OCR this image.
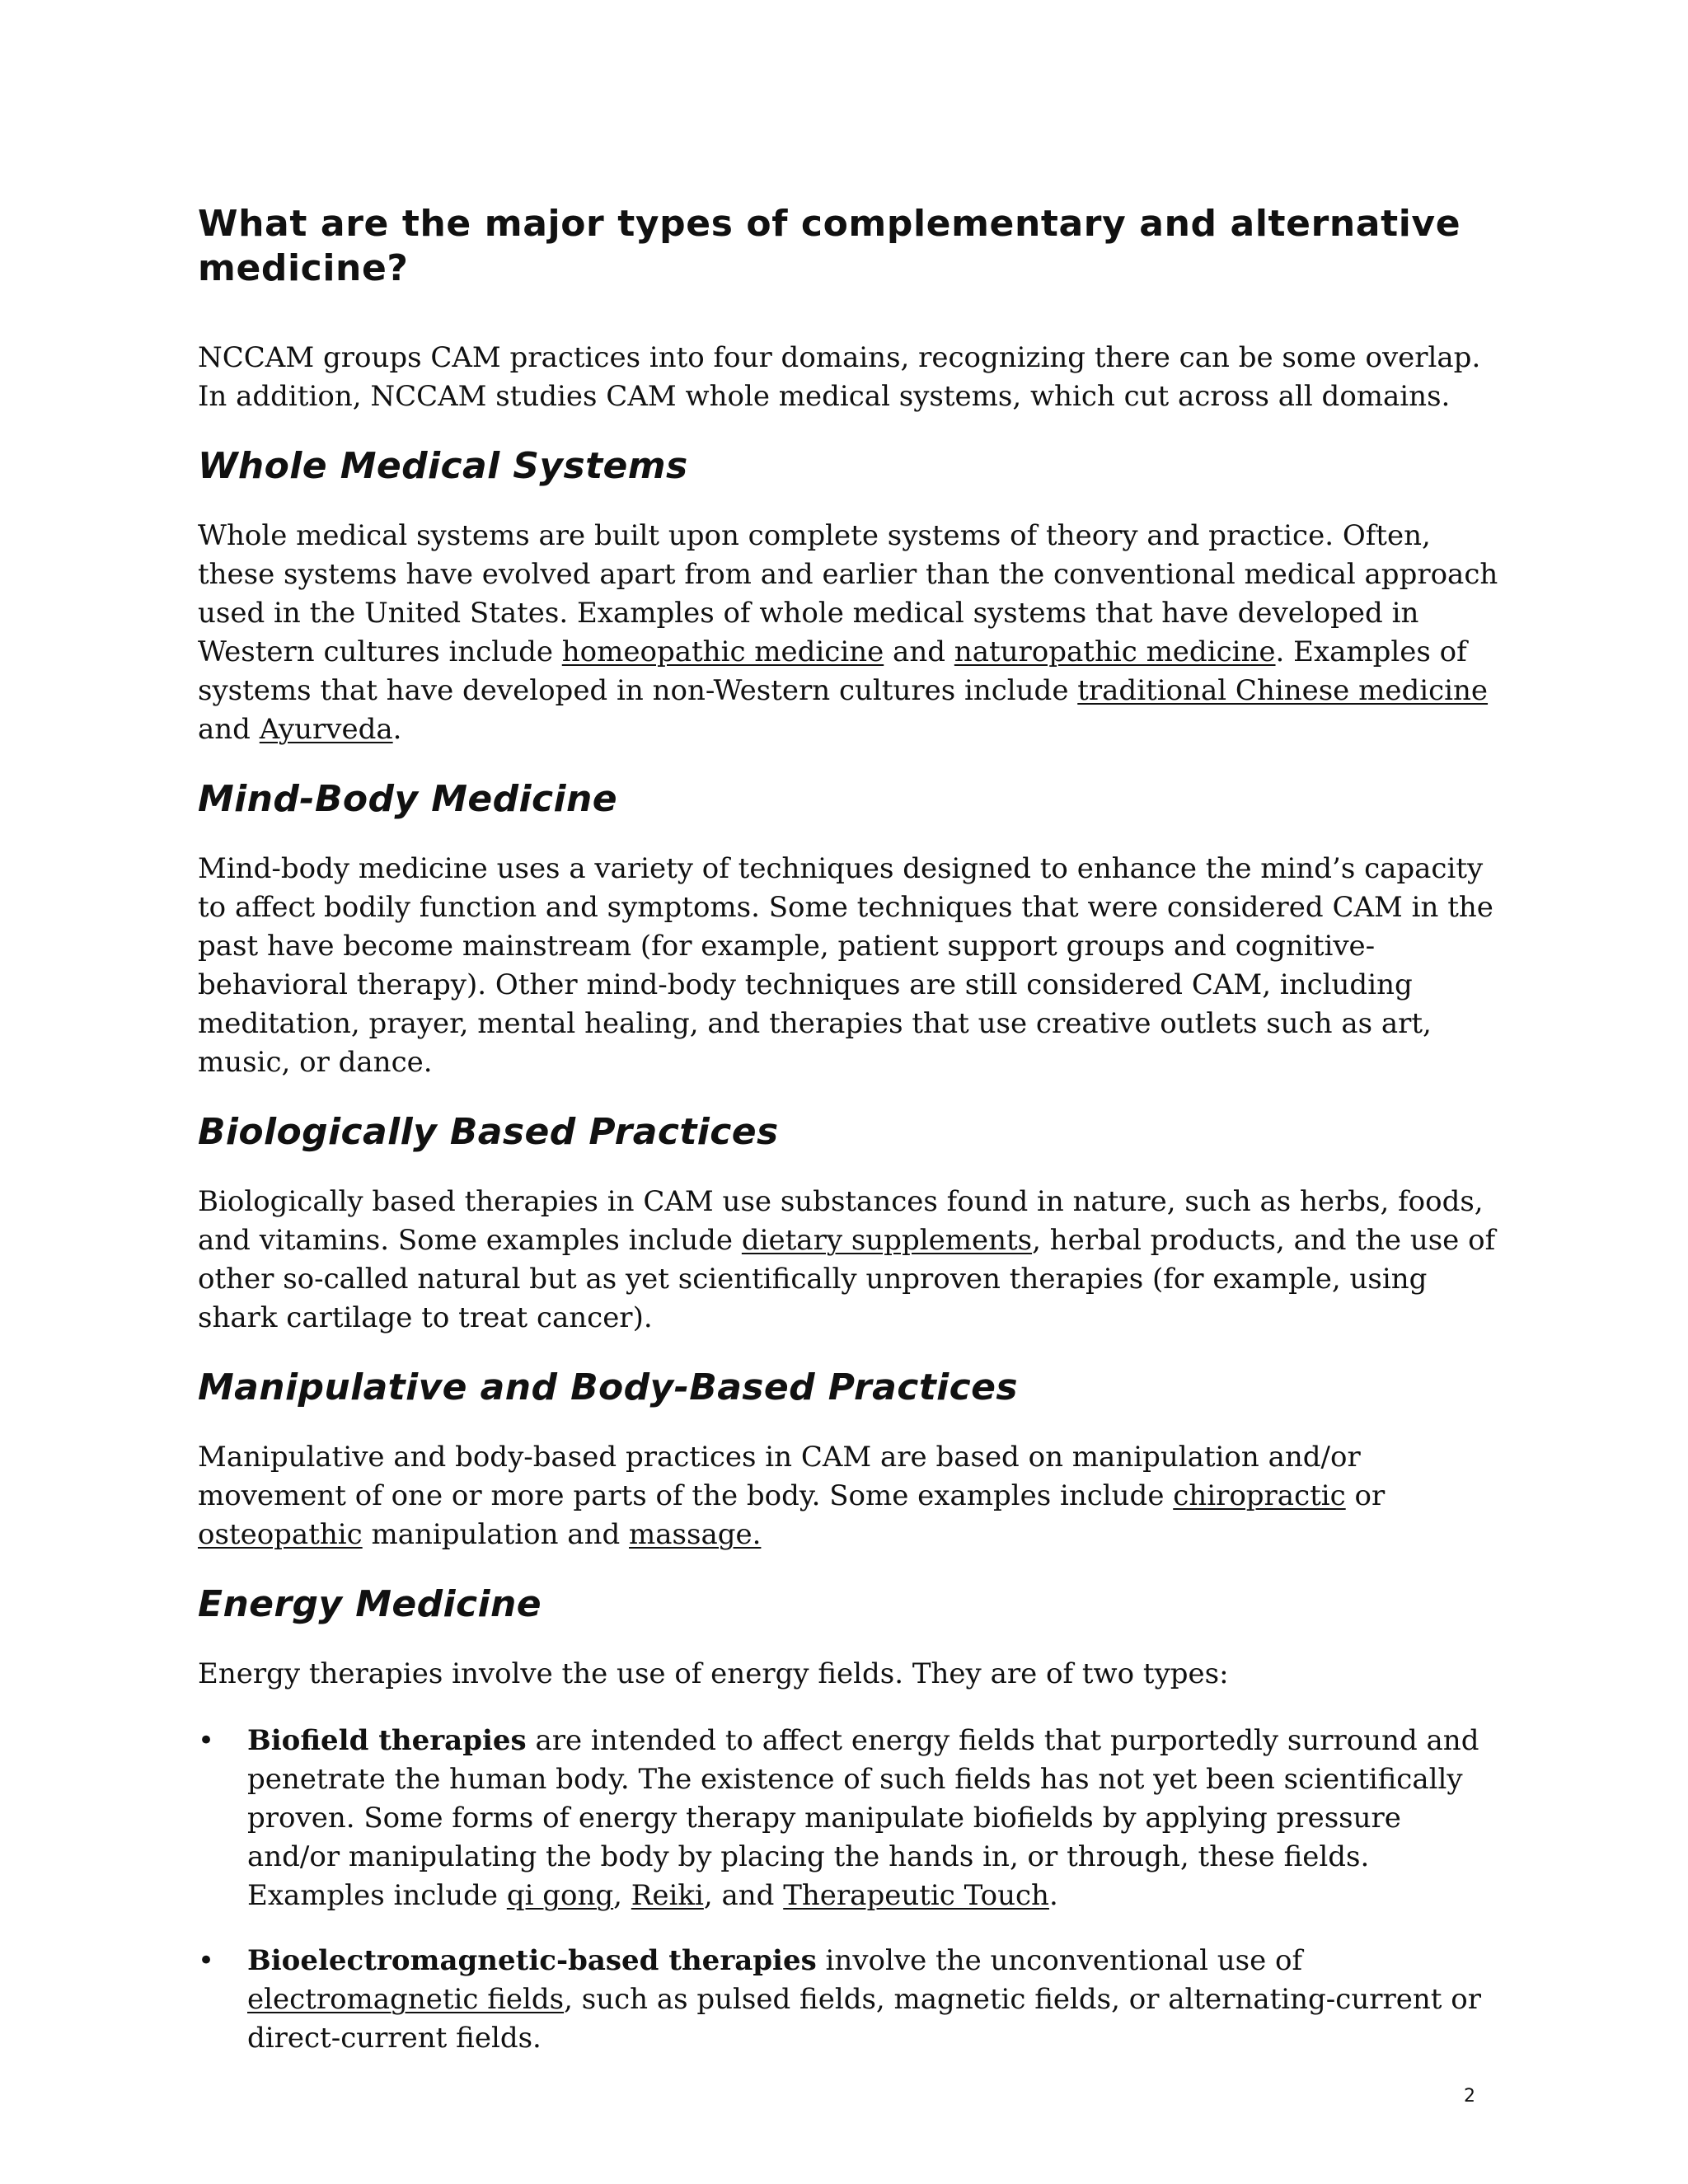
What are the major types of complementary and alternative medicine?

NCCAM groups CAM practices into four domains, recognizing there can be some overlap. In addition, NCCAM studies CAM whole medical systems, which cut across all domains.

Whole Medical Systems

Whole medical systems are built upon complete systems of theory and practice. Often, these systems have evolved apart from and earlier than the conventional medical approach used in the United States. Examples of whole medical systems that have developed in Western cultures include homeopathic medicine and naturopathic medicine. Examples of systems that have developed in non-Western cultures include traditional Chinese medicine and Ayurveda.

Mind-Body Medicine

Mind-body medicine uses a variety of techniques designed to enhance the mind’s capacity to affect bodily function and symptoms. Some techniques that were considered CAM in the past have become mainstream (for example, patient support groups and cognitive-behavioral therapy). Other mind-body techniques are still considered CAM, including meditation, prayer, mental healing, and therapies that use creative outlets such as art, music, or dance.

Biologically Based Practices

Biologically based therapies in CAM use substances found in nature, such as herbs, foods, and vitamins. Some examples include dietary supplements, herbal products, and the use of other so-called natural but as yet scientifically unproven therapies (for example, using shark cartilage to treat cancer).

Manipulative and Body-Based Practices

Manipulative and body-based practices in CAM are based on manipulation and/or movement of one or more parts of the body. Some examples include chiropractic or osteopathic manipulation and massage.

Energy Medicine

Energy therapies involve the use of energy fields. They are of two types:

• Biofield therapies are intended to affect energy fields that purportedly surround and penetrate the human body. The existence of such fields has not yet been scientifically proven. Some forms of energy therapy manipulate biofields by applying pressure and/or manipulating the body by placing the hands in, or through, these fields. Examples include qi gong, Reiki, and Therapeutic Touch.
• Bioelectromagnetic-based therapies involve the unconventional use of electromagnetic fields, such as pulsed fields, magnetic fields, or alternating-current or direct-current fields.
2
